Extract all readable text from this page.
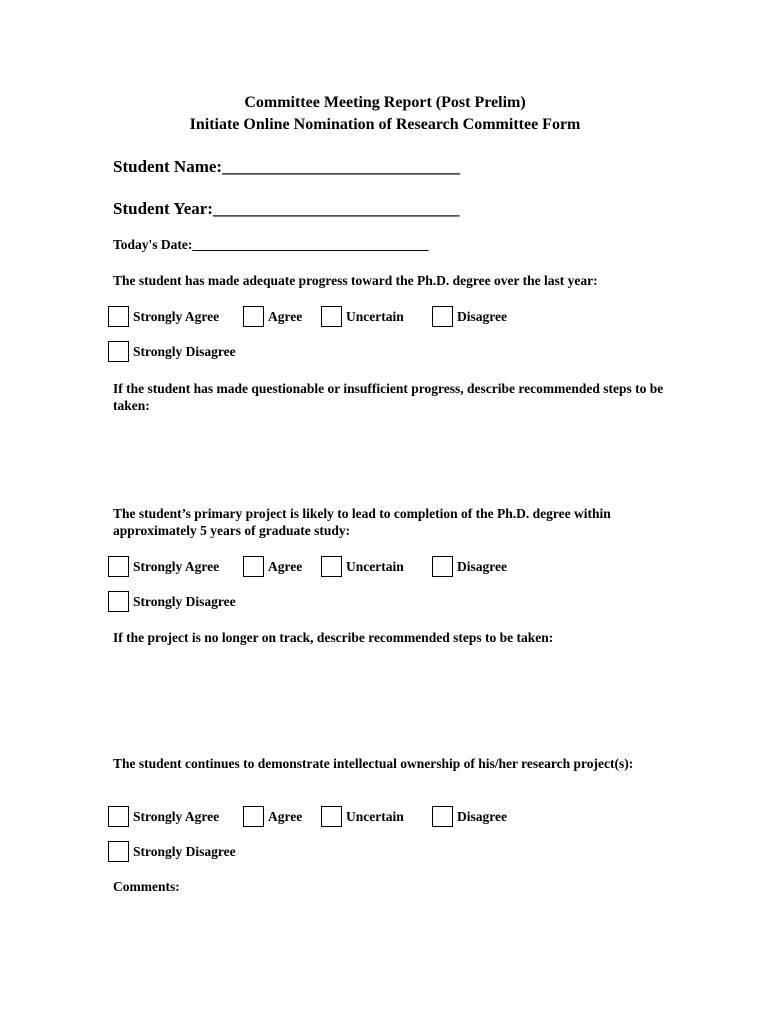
Committee Meeting Report (Post Prelim)
Initiate Online Nomination of Research Committee Form
Student Name:____________________________
Student Year:_____________________________
Today's Date:___________________________________
The student has made adequate progress toward the Ph.D. degree over the last year:
Strongly Agree	Agree	Uncertain	Disagree
Strongly Disagree
If the student has made questionable or insufficient progress, describe recommended steps to be taken:
The student’s primary project is likely to lead to completion of the Ph.D. degree within approximately 5 years of graduate study:
Strongly Agree	Agree	Uncertain	Disagree
Strongly Disagree
If the project is no longer on track, describe recommended steps to be taken:
The student continues to demonstrate intellectual ownership of his/her research project(s):
Strongly Agree	Agree	Uncertain	Disagree
Strongly Disagree
Comments:
